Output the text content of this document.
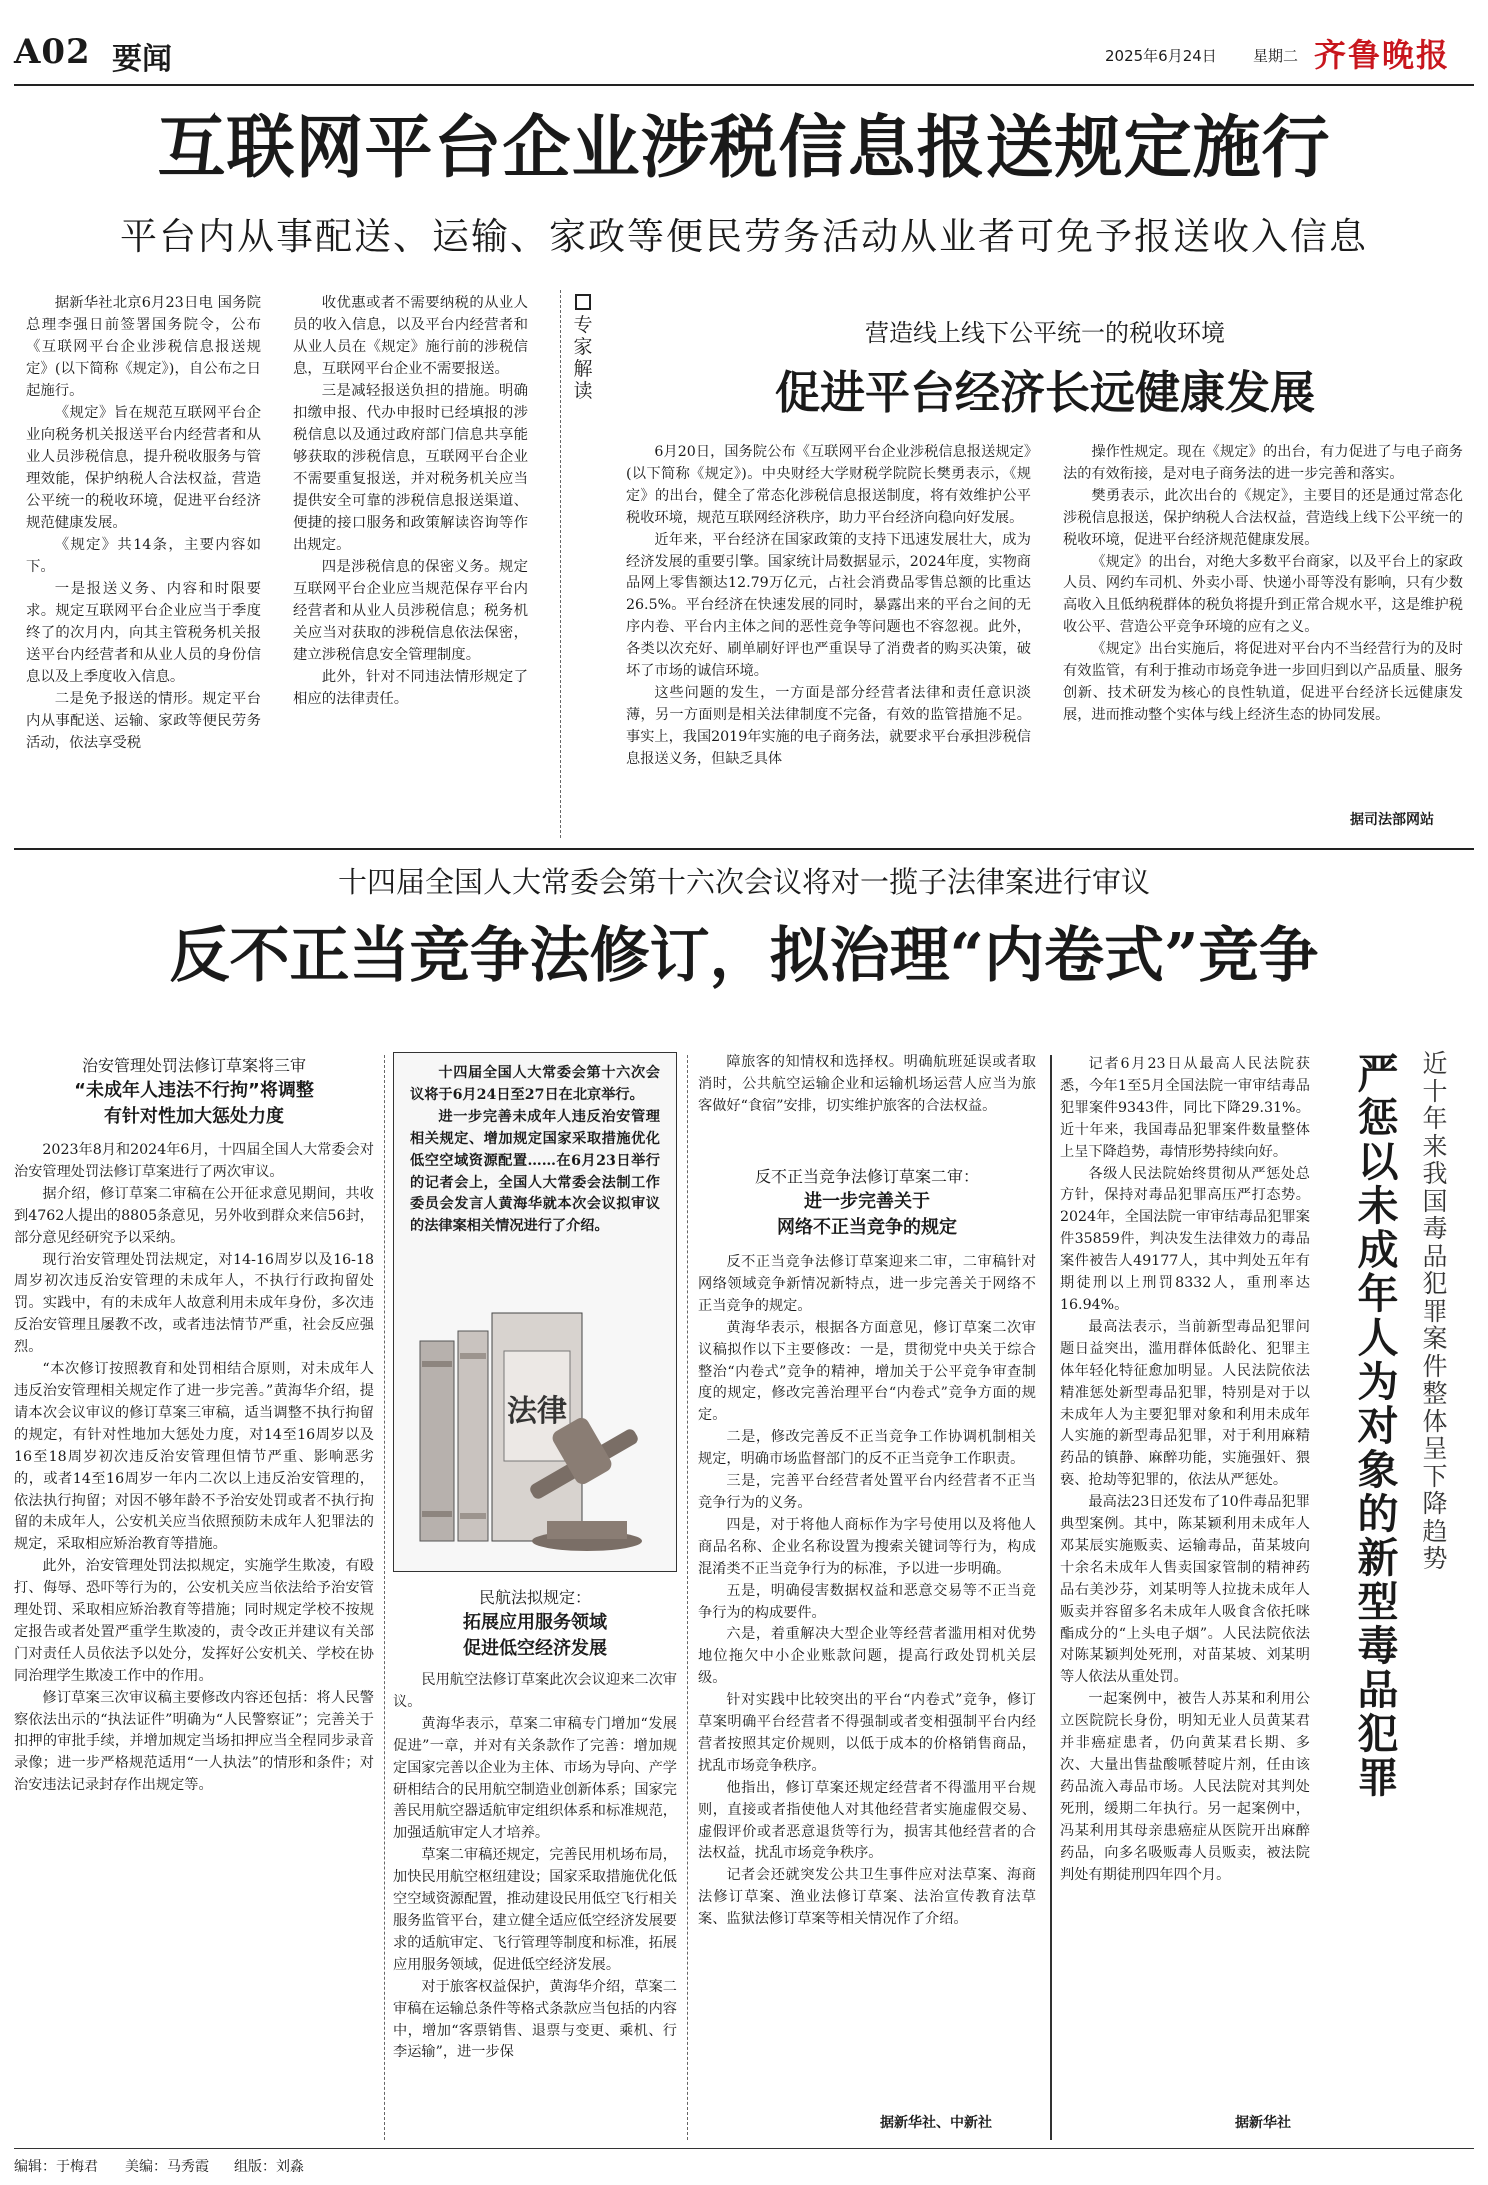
A02 要闻	2025年6月24日 星期二 齐鲁晚报
互联网平台企业涉税信息报送规定施行
平台内从事配送、运输、家政等便民劳务活动从业者可免予报送收入信息

据新华社北京6月23日电 国务院总理李强日前签署国务院令，公布《互联网平台企业涉税信息报送规定》(以下简称《规定》)，自公布之日起施行。

《规定》旨在规范互联网平台企业向税务机关报送平台内经营者和从业人员涉税信息，提升税收服务与管理效能，保护纳税人合法权益，营造公平统一的税收环境，促进平台经济规范健康发展。

《规定》共14条，主要内容如下。

一是报送义务、内容和时限要求。规定互联网平台企业应当于季度终了的次月内，向其主管税务机关报送平台内经营者和从业人员的身份信息以及上季度收入信息。

二是免予报送的情形。规定平台内从事配送、运输、家政等便民劳务活动，依法享受税

收优惠或者不需要纳税的从业人员的收入信息，以及平台内经营者和从业人员在《规定》施行前的涉税信息，互联网平台企业不需要报送。

三是减轻报送负担的措施。明确扣缴申报、代办申报时已经填报的涉税信息以及通过政府部门信息共享能够获取的涉税信息，互联网平台企业不需要重复报送，并对税务机关应当提供安全可靠的涉税信息报送渠道、便捷的接口服务和政策解读咨询等作出规定。

四是涉税信息的保密义务。规定互联网平台企业应当规范保存平台内经营者和从业人员涉税信息；税务机关应当对获取的涉税信息依法保密，建立涉税信息安全管理制度。

此外，针对不同违法情形规定了相应的法律责任。

专
家
解
读
营造线上线下公平统一的税收环境
促进平台经济长远健康发展

6月20日，国务院公布《互联网平台企业涉税信息报送规定》(以下简称《规定》)。中央财经大学财税学院院长樊勇表示，《规定》的出台，健全了常态化涉税信息报送制度，将有效维护公平税收环境，规范互联网经济秩序，助力平台经济向稳向好发展。

近年来，平台经济在国家政策的支持下迅速发展壮大，成为经济发展的重要引擎。国家统计局数据显示，2024年度，实物商品网上零售额达12.79万亿元，占社会消费品零售总额的比重达26.5%。平台经济在快速发展的同时，暴露出来的平台之间的无序内卷、平台内主体之间的恶性竞争等问题也不容忽视。此外，各类以次充好、刷单刷好评也严重误导了消费者的购买决策，破坏了市场的诚信环境。

这些问题的发生，一方面是部分经营者法律和责任意识淡薄，另一方面则是相关法律制度不完备，有效的监管措施不足。事实上，我国2019年实施的电子商务法，就要求平台承担涉税信息报送义务，但缺乏具体

操作性规定。现在《规定》的出台，有力促进了与电子商务法的有效衔接，是对电子商务法的进一步完善和落实。

樊勇表示，此次出台的《规定》，主要目的还是通过常态化涉税信息报送，保护纳税人合法权益，营造线上线下公平统一的税收环境，促进平台经济规范健康发展。

《规定》的出台，对绝大多数平台商家，以及平台上的家政人员、网约车司机、外卖小哥、快递小哥等没有影响，只有少数高收入且低纳税群体的税负将提升到正常合规水平，这是维护税收公平、营造公平竞争环境的应有之义。

《规定》出台实施后，将促进对平台内不当经营行为的及时有效监管，有利于推动市场竞争进一步回归到以产品质量、服务创新、技术研发为核心的良性轨道，促进平台经济长远健康发展，进而推动整个实体与线上经济生态的协同发展。

据司法部网站
十四届全国人大常委会第十六次会议将对一揽子法律案进行审议
反不正当竞争法修订，拟治理“内卷式”竞争
治安管理处罚法修订草案将三审
“未成年人违法不行拘”将调整
有针对性加大惩处力度

2023年8月和2024年6月，十四届全国人大常委会对治安管理处罚法修订草案进行了两次审议。

据介绍，修订草案二审稿在公开征求意见期间，共收到4762人提出的8805条意见，另外收到群众来信56封，部分意见经研究予以采纳。

现行治安管理处罚法规定，对14-16周岁以及16-18周岁初次违反治安管理的未成年人，不执行行政拘留处罚。实践中，有的未成年人故意利用未成年身份，多次违反治安管理且屡教不改，或者违法情节严重，社会反应强烈。

“本次修订按照教育和处罚相结合原则，对未成年人违反治安管理相关规定作了进一步完善。”黄海华介绍，提请本次会议审议的修订草案三审稿，适当调整不执行拘留的规定，有针对性地加大惩处力度，对14至16周岁以及16至18周岁初次违反治安管理但情节严重、影响恶劣的，或者14至16周岁一年内二次以上违反治安管理的，依法执行拘留；对因不够年龄不予治安处罚或者不执行拘留的未成年人，公安机关应当依照预防未成年人犯罪法的规定，采取相应矫治教育等措施。

此外，治安管理处罚法拟规定，实施学生欺凌，有殴打、侮辱、恐吓等行为的，公安机关应当依法给予治安管理处罚、采取相应矫治教育等措施；同时规定学校不按规定报告或者处置严重学生欺凌的，责令改正并建议有关部门对责任人员依法予以处分，发挥好公安机关、学校在协同治理学生欺凌工作中的作用。

修订草案三次审议稿主要修改内容还包括：将人民警察依法出示的“执法证件”明确为“人民警察证”；完善关于扣押的审批手续，并增加规定当场扣押应当全程同步录音录像；进一步严格规范适用“一人执法”的情形和条件；对治安违法记录封存作出规定等。

十四届全国人大常委会第十六次会议将于6月24日至27日在北京举行。

进一步完善未成年人违反治安管理相关规定、增加规定国家采取措施优化低空空域资源配置……在6月23日举行的记者会上，全国人大常委会法制工作委员会发言人黄海华就本次会议拟审议的法律案相关情况进行了介绍。

法律
民航法拟规定：
拓展应用服务领域
促进低空经济发展

民用航空法修订草案此次会议迎来二次审议。

黄海华表示，草案二审稿专门增加“发展促进”一章，并对有关条款作了完善：增加规定国家完善以企业为主体、市场为导向、产学研相结合的民用航空制造业创新体系；国家完善民用航空器适航审定组织体系和标准规范，加强适航审定人才培养。

草案二审稿还规定，完善民用机场布局，加快民用航空枢纽建设；国家采取措施优化低空空域资源配置，推动建设民用低空飞行相关服务监管平台，建立健全适应低空经济发展要求的适航审定、飞行管理等制度和标准，拓展应用服务领域，促进低空经济发展。

对于旅客权益保护，黄海华介绍，草案二审稿在运输总条件等格式条款应当包括的内容中，增加“客票销售、退票与变更、乘机、行李运输”，进一步保

障旅客的知情权和选择权。明确航班延误或者取消时，公共航空运输企业和运输机场运营人应当为旅客做好“食宿”安排，切实维护旅客的合法权益。

反不正当竞争法修订草案二审：
进一步完善关于
网络不正当竞争的规定

反不正当竞争法修订草案迎来二审，二审稿针对网络领域竞争新情况新特点，进一步完善关于网络不正当竞争的规定。

黄海华表示，根据各方面意见，修订草案二次审议稿拟作以下主要修改：一是，贯彻党中央关于综合整治“内卷式”竞争的精神，增加关于公平竞争审查制度的规定，修改完善治理平台“内卷式”竞争方面的规定。

二是，修改完善反不正当竞争工作协调机制相关规定，明确市场监督部门的反不正当竞争工作职责。

三是，完善平台经营者处置平台内经营者不正当竞争行为的义务。

四是，对于将他人商标作为字号使用以及将他人商品名称、企业名称设置为搜索关键词等行为，构成混淆类不正当竞争行为的标准，予以进一步明确。

五是，明确侵害数据权益和恶意交易等不正当竞争行为的构成要件。

六是，着重解决大型企业等经营者滥用相对优势地位拖欠中小企业账款问题，提高行政处罚机关层级。

针对实践中比较突出的平台“内卷式”竞争，修订草案明确平台经营者不得强制或者变相强制平台内经营者按照其定价规则，以低于成本的价格销售商品，扰乱市场竞争秩序。

他指出，修订草案还规定经营者不得滥用平台规则，直接或者指使他人对其他经营者实施虚假交易、虚假评价或者恶意退货等行为，损害其他经营者的合法权益，扰乱市场竞争秩序。

记者会还就突发公共卫生事件应对法草案、海商法修订草案、渔业法修订草案、法治宣传教育法草案、监狱法修订草案等相关情况作了介绍。

据新华社、中新社

记者6月23日从最高人民法院获悉，今年1至5月全国法院一审审结毒品犯罪案件9343件，同比下降29.31%。近十年来，我国毒品犯罪案件数量整体上呈下降趋势，毒情形势持续向好。

各级人民法院始终贯彻从严惩处总方针，保持对毒品犯罪高压严打态势。2024年，全国法院一审审结毒品犯罪案件35859件，判决发生法律效力的毒品案件被告人49177人，其中判处五年有期徒刑以上刑罚8332人，重刑率达16.94%。

最高法表示，当前新型毒品犯罪问题日益突出，滥用群体低龄化、犯罪主体年轻化特征愈加明显。人民法院依法精准惩处新型毒品犯罪，特别是对于以未成年人为主要犯罪对象和利用未成年人实施的新型毒品犯罪，对于利用麻精药品的镇静、麻醉功能，实施强奸、猥亵、抢劫等犯罪的，依法从严惩处。

最高法23日还发布了10件毒品犯罪典型案例。其中，陈某颖利用未成年人邓某辰实施贩卖、运输毒品，苗某坡向十余名未成年人售卖国家管制的精神药品右美沙芬，刘某明等人拉拢未成年人贩卖并容留多名未成年人吸食含依托咪酯成分的“上头电子烟”。人民法院依法对陈某颖判处死刑，对苗某坡、刘某明等人依法从重处罚。

一起案例中，被告人苏某和利用公立医院院长身份，明知无业人员黄某君并非癌症患者，仍向黄某君长期、多次、大量出售盐酸哌替啶片剂，任由该药品流入毒品市场。人民法院对其判处死刑，缓期二年执行。另一起案例中，冯某利用其母亲患癌症从医院开出麻醉药品，向多名吸贩毒人员贩卖，被法院判处有期徒刑四年四个月。

据新华社
严
惩
以
未
成
年
人
为
对
象
的
新
型
毒
品
犯
罪
近
十
年
来
我
国
毒
品
犯
罪
案
件
整
体
呈
下
降
趋
势
编辑：于梅君 美编：马秀霞 组版：刘淼
